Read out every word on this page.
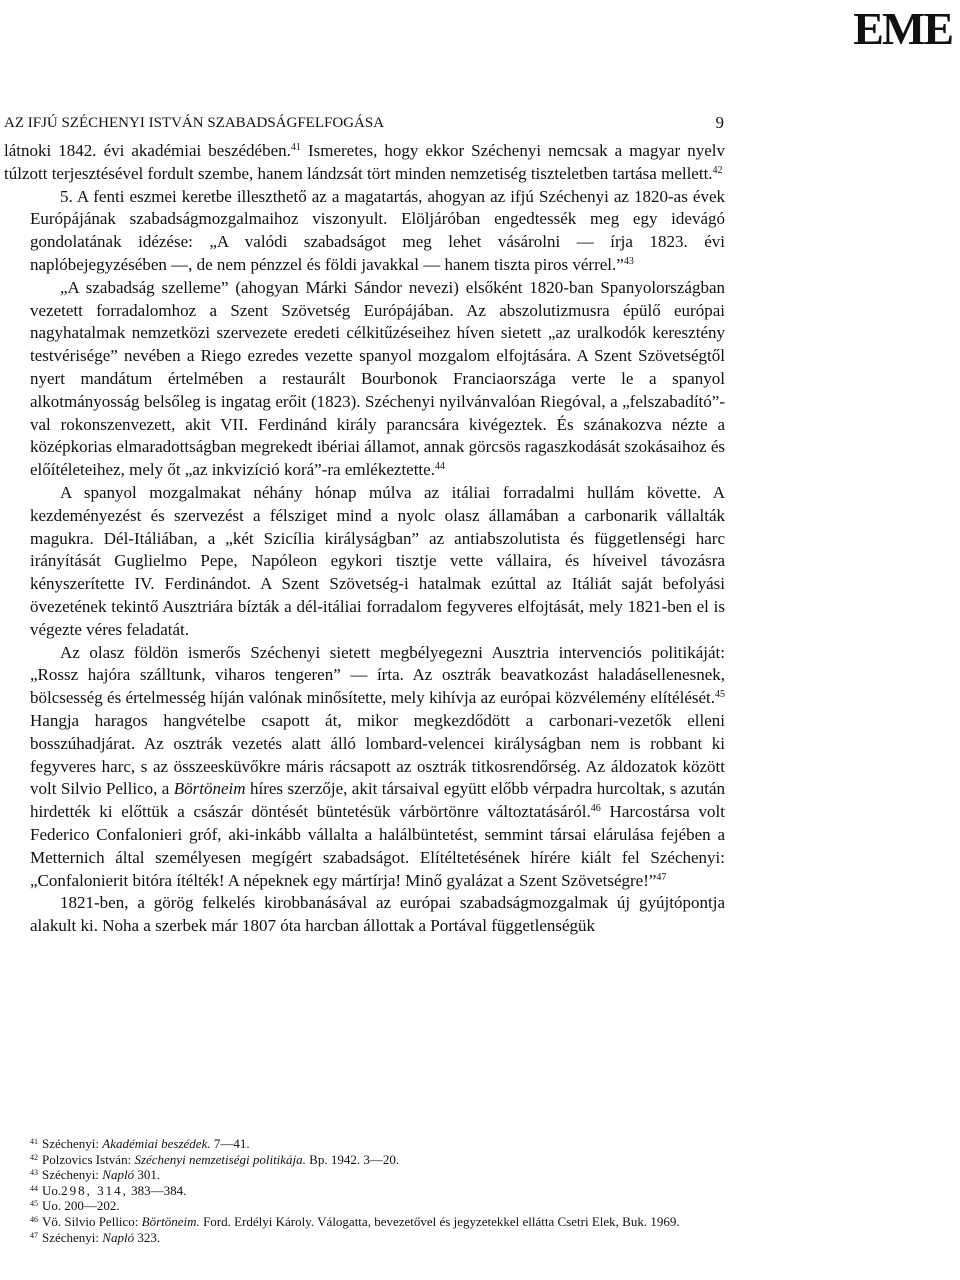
EME
AZ IFJÚ SZÉCHENYI ISTVÁN SZABADSÁGFELFOGÁSA	9

látnoki 1842. évi akadémiai beszédében.$^{41}$ Ismeretes, hogy ekkor Széchenyi nemcsak a magyar nyelv túlzott terjesztésével fordult szembe, hanem lándzsát tört minden nemzetiség tiszteletben tartása mellett.$^{42}$

5. A fenti eszmei keretbe illeszthető az a magatartás, ahogyan az ifjú Széchenyi az 1820-as évek Európájának szabadságmozgalmaihoz viszonyult. Elöljáróban engedtessék meg egy idevágó gondolatának idézése: „A valódi szabadságot meg lehet vásárolni — írja 1823. évi naplóbejegyzésében —, de nem pénzzel és földi javakkal — hanem tiszta piros vérrel.”$^{43}$

„A szabadság szelleme” (ahogyan Márki Sándor nevezi) elsőként 1820-ban Spanyolországban vezetett forradalomhoz a Szent Szövetség Európájában. Az abszolutizmusra épülő európai nagyhatalmak nemzetközi szervezete eredeti célkitűzéseihez híven sietett „az uralkodók keresztény testvérisége” nevében a Riego ezredes vezette spanyol mozgalom elfojtására. A Szent Szövetségtől nyert mandátum értelmében a restaurált Bourbonok Franciaországa verte le a spanyol alkotmányosság belsőleg is ingatag erőit (1823). Széchenyi nyilvánvalóan Riegóval, a „felszabadító”-val rokonszenvezett, akit VII. Ferdinánd király parancsára kivégeztek. És szánakozva nézte a középkorias elmaradottságban megrekedt ibériai államot, annak görcsös ragaszkodását szokásaihoz és előítéleteihez, mely őt „az inkvizíció korá”-ra emlékeztette.$^{44}$

A spanyol mozgalmakat néhány hónap múlva az itáliai forradalmi hullám követte. A kezdeményezést és szervezést a félsziget mind a nyolc olasz államában a carbonarik vállalták magukra. Dél-Itáliában, a „két Szicília királyságban” az antiabszolutista és függetlenségi harc irányítását Guglielmo Pepe, Napóleon egykori tisztje vette vállaira, és híveivel távozásra kényszerítette IV. Ferdinándot. A Szent Szövetség-i hatalmak ezúttal az Itáliát saját befolyási övezetének tekintő Ausztriára bízták a dél-itáliai forradalom fegyveres elfojtását, mely 1821-ben el is végezte véres feladatát.

Az olasz földön ismerős Széchenyi sietett megbélyegezni Ausztria intervenciós politikáját: „Rossz hajóra szálltunk, viharos tengeren” — írta. Az osztrák beavatkozást haladásellenesnek, bölcsesség és értelmesség híján valónak minősítette, mely kihívja az európai közvélemény elítélését.$^{45}$ Hangja haragos hangvételbe csapott át, mikor megkezdődött a carbonari-vezetők elleni bosszúhadjárat. Az osztrák vezetés alatt álló lombard-velencei királyságban nem is robbant ki fegyveres harc, s az összeesküvőkre máris rácsapott az osztrák titkosrendőrség. Az áldozatok között volt Silvio Pellico, a Börtöneim híres szerzője, akit társaival együtt előbb vérpadra hurcoltak, s azután hirdették ki előttük a császár döntését büntetésük várbörtönre változtatásáról.$^{46}$ Harcostársa volt Federico Confalonieri gróf, aki-inkább vállalta a halálbüntetést, semmint társai elárulása fejében a Metternich által személyesen megígért szabadságot. Elítéltetésének hírére kiált fel Széchenyi: „Confalonierit bitóra ítélték! A népeknek egy mártírja! Minő gyalázat a Szent Szövetségre!”$^{47}$

1821-ben, a görög felkelés kirobbanásával az európai szabadságmozgalmak új gyújtópontja alakult ki. Noha a szerbek már 1807 óta harcban állottak a Portával függetlenségük

$^{41}$ Széchenyi: Akadémiai beszédek. 7—41.

$^{42}$ Polzovics István: Széchenyi nemzetiségi politikája. Bp. 1942. 3—20.

$^{43}$ Széchenyi: Napló 301.

$^{44}$ Uo.298, 314, 383—384.

$^{45}$ Uo. 200—202.

$^{46}$ Vö. Silvio Pellico: Börtöneim. Ford. Erdélyi Károly. Válogatta, bevezetővel és jegyzetekkel ellátta Csetri Elek, Buk. 1969.

$^{47}$ Széchenyi: Napló 323.
